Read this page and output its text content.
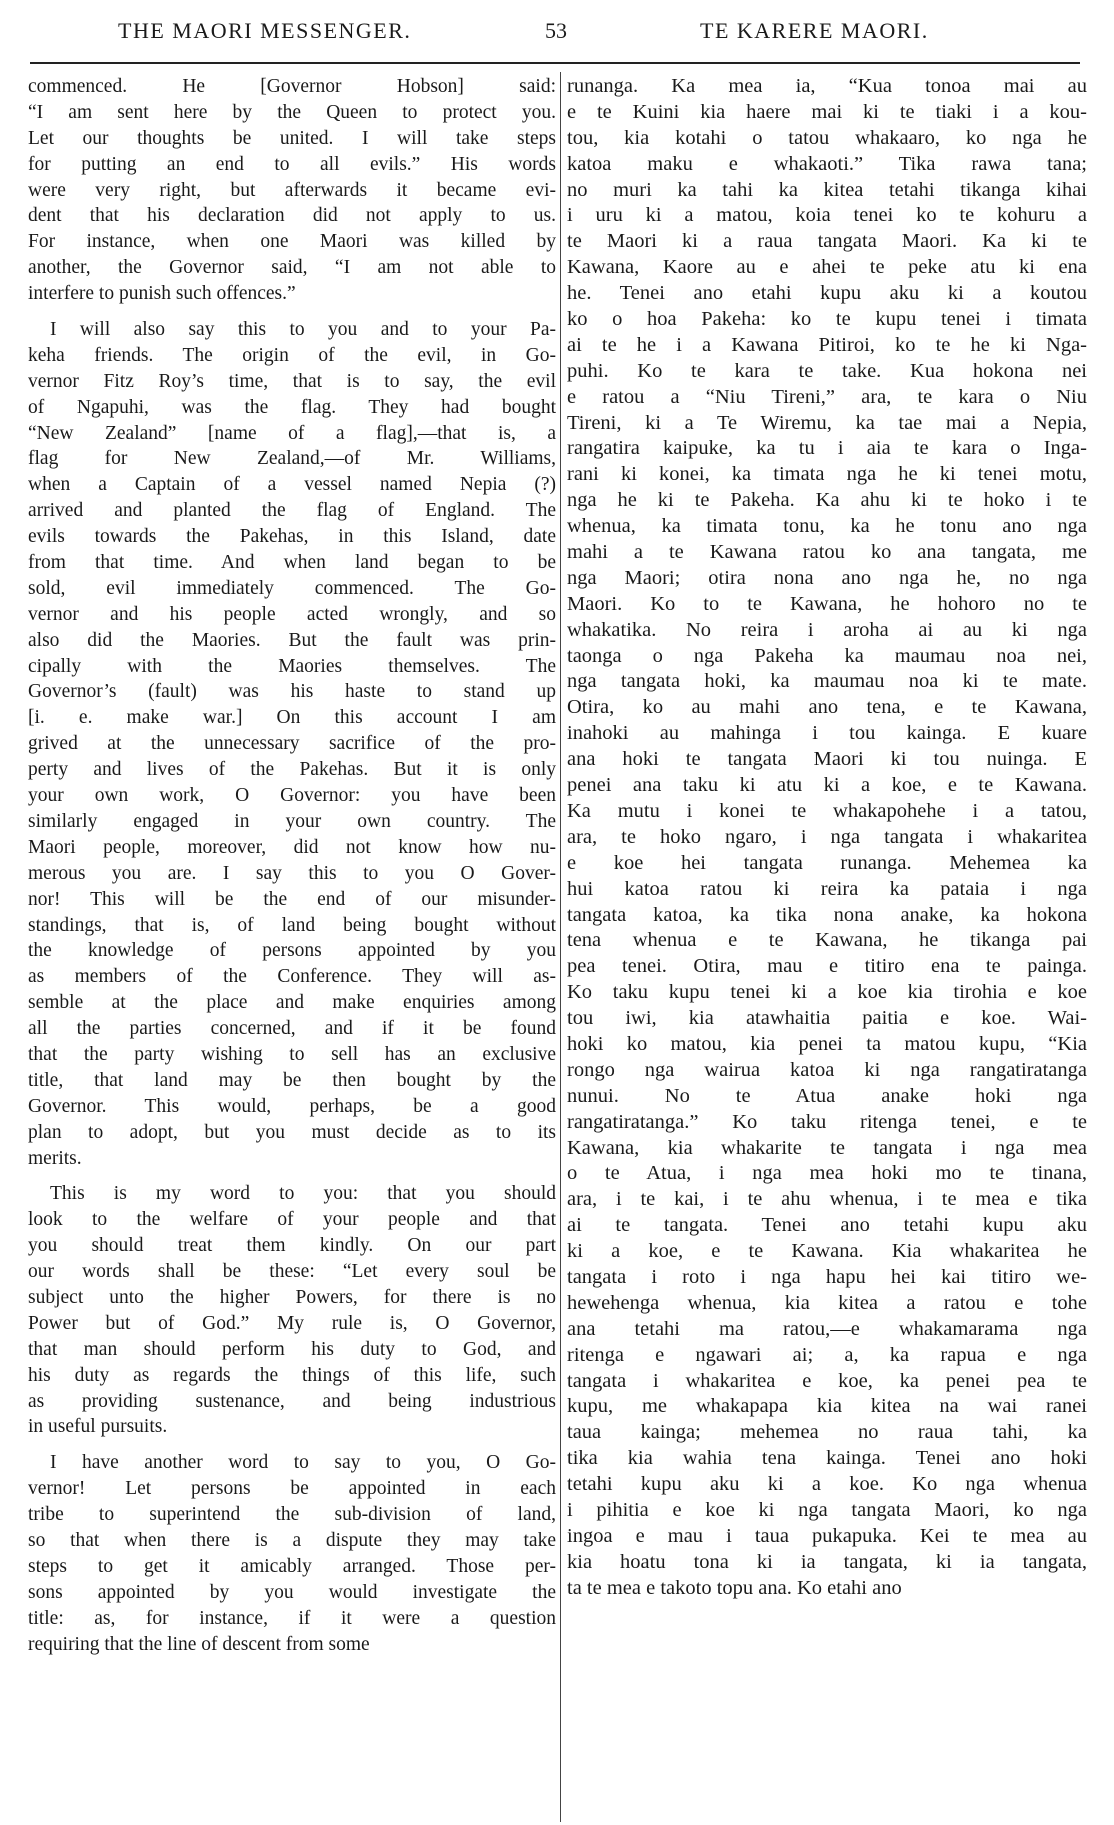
THE MAORI MESSENGER.	53	TE KARERE MAORI.
commenced. He [Governor Hobson] said:
“I am sent here by the Queen to protect you.
Let our thoughts be united. I will take steps
for putting an end to all evils.” His words
were very right, but afterwards it became evi-
dent that his declaration did not apply to us.
For instance, when one Maori was killed by
another, the Governor said, “I am not able to
interfere to punish such offences.”
I will also say this to you and to your Pa-
keha friends. The origin of the evil, in Go-
vernor Fitz Roy’s time, that is to say, the evil
of Ngapuhi, was the flag. They had bought
“New Zealand” [name of a flag],—that is, a
flag for New Zealand,—of Mr. Williams,
when a Captain of a vessel named Nepia (?)
arrived and planted the flag of England. The
evils towards the Pakehas, in this Island, date
from that time. And when land began to be
sold, evil immediately commenced. The Go-
vernor and his people acted wrongly, and so
also did the Maories. But the fault was prin-
cipally with the Maories themselves. The
Governor’s (fault) was his haste to stand up
[i. e. make war.] On this account I am
grived at the unnecessary sacrifice of the pro-
perty and lives of the Pakehas. But it is only
your own work, O Governor: you have been
similarly engaged in your own country. The
Maori people, moreover, did not know how nu-
merous you are. I say this to you O Gover-
nor! This will be the end of our misunder-
standings, that is, of land being bought without
the knowledge of persons appointed by you
as members of the Conference. They will as-
semble at the place and make enquiries among
all the parties concerned, and if it be found
that the party wishing to sell has an exclusive
title, that land may be then bought by the
Governor. This would, perhaps, be a good
plan to adopt, but you must decide as to its
merits.
This is my word to you: that you should
look to the welfare of your people and that
you should treat them kindly. On our part
our words shall be these: “Let every soul be
subject unto the higher Powers, for there is no
Power but of God.” My rule is, O Governor,
that man should perform his duty to God, and
his duty as regards the things of this life, such
as providing sustenance, and being industrious
in useful pursuits.
I have another word to say to you, O Go-
vernor! Let persons be appointed in each
tribe to superintend the sub-division of land,
so that when there is a dispute they may take
steps to get it amicably arranged. Those per-
sons appointed by you would investigate the
title: as, for instance, if it were a question
requiring that the line of descent from some
runanga. Ka mea ia, “Kua tonoa mai au
e te Kuini kia haere mai ki te tiaki i a kou-
tou, kia kotahi o tatou whakaaro, ko nga he
katoa maku e whakaoti.” Tika rawa tana;
no muri ka tahi ka kitea tetahi tikanga kihai
i uru ki a matou, koia tenei ko te kohuru a
te Maori ki a raua tangata Maori. Ka ki te
Kawana, Kaore au e ahei te peke atu ki ena
he. Tenei ano etahi kupu aku ki a koutou
ko o hoa Pakeha: ko te kupu tenei i timata
ai te he i a Kawana Pitiroi, ko te he ki Nga-
puhi. Ko te kara te take. Kua hokona nei
e ratou a “Niu Tireni,” ara, te kara o Niu
Tireni, ki a Te Wiremu, ka tae mai a Nepia,
rangatira kaipuke, ka tu i aia te kara o Inga-
rani ki konei, ka timata nga he ki tenei motu,
nga he ki te Pakeha. Ka ahu ki te hoko i te
whenua, ka timata tonu, ka he tonu ano nga
mahi a te Kawana ratou ko ana tangata, me
nga Maori; otira nona ano nga he, no nga
Maori. Ko to te Kawana, he hohoro no te
whakatika. No reira i aroha ai au ki nga
taonga o nga Pakeha ka maumau noa nei,
nga tangata hoki, ka maumau noa ki te mate.
Otira, ko au mahi ano tena, e te Kawana,
inahoki au mahinga i tou kainga. E kuare
ana hoki te tangata Maori ki tou nuinga. E
penei ana taku ki atu ki a koe, e te Kawana.
Ka mutu i konei te whakapohehe i a tatou,
ara, te hoko ngaro, i nga tangata i whakaritea
e koe hei tangata runanga. Mehemea ka
hui katoa ratou ki reira ka pataia i nga
tangata katoa, ka tika nona anake, ka hokona
tena whenua e te Kawana, he tikanga pai
pea tenei. Otira, mau e titiro ena te painga.
Ko taku kupu tenei ki a koe kia tirohia e koe
tou iwi, kia atawhaitia paitia e koe. Wai-
hoki ko matou, kia penei ta matou kupu, “Kia
rongo nga wairua katoa ki nga rangatiratanga
nunui. No te Atua anake hoki nga
rangatiratanga.” Ko taku ritenga tenei, e te
Kawana, kia whakarite te tangata i nga mea
o te Atua, i nga mea hoki mo te tinana,
ara, i te kai, i te ahu whenua, i te mea e tika
ai te tangata. Tenei ano tetahi kupu aku
ki a koe, e te Kawana. Kia whakaritea he
tangata i roto i nga hapu hei kai titiro we-
hewehenga whenua, kia kitea a ratou e tohe
ana tetahi ma ratou,—e whakamarama nga
ritenga e ngawari ai; a, ka rapua e nga
tangata i whakaritea e koe, ka penei pea te
kupu, me whakapapa kia kitea na wai ranei
taua kainga; mehemea no raua tahi, ka
tika kia wahia tena kainga. Tenei ano hoki
tetahi kupu aku ki a koe. Ko nga whenua
i pihitia e koe ki nga tangata Maori, ko nga
ingoa e mau i taua pukapuka. Kei te mea au
kia hoatu tona ki ia tangata, ki ia tangata,
ta te mea e takoto topu ana. Ko etahi ano
